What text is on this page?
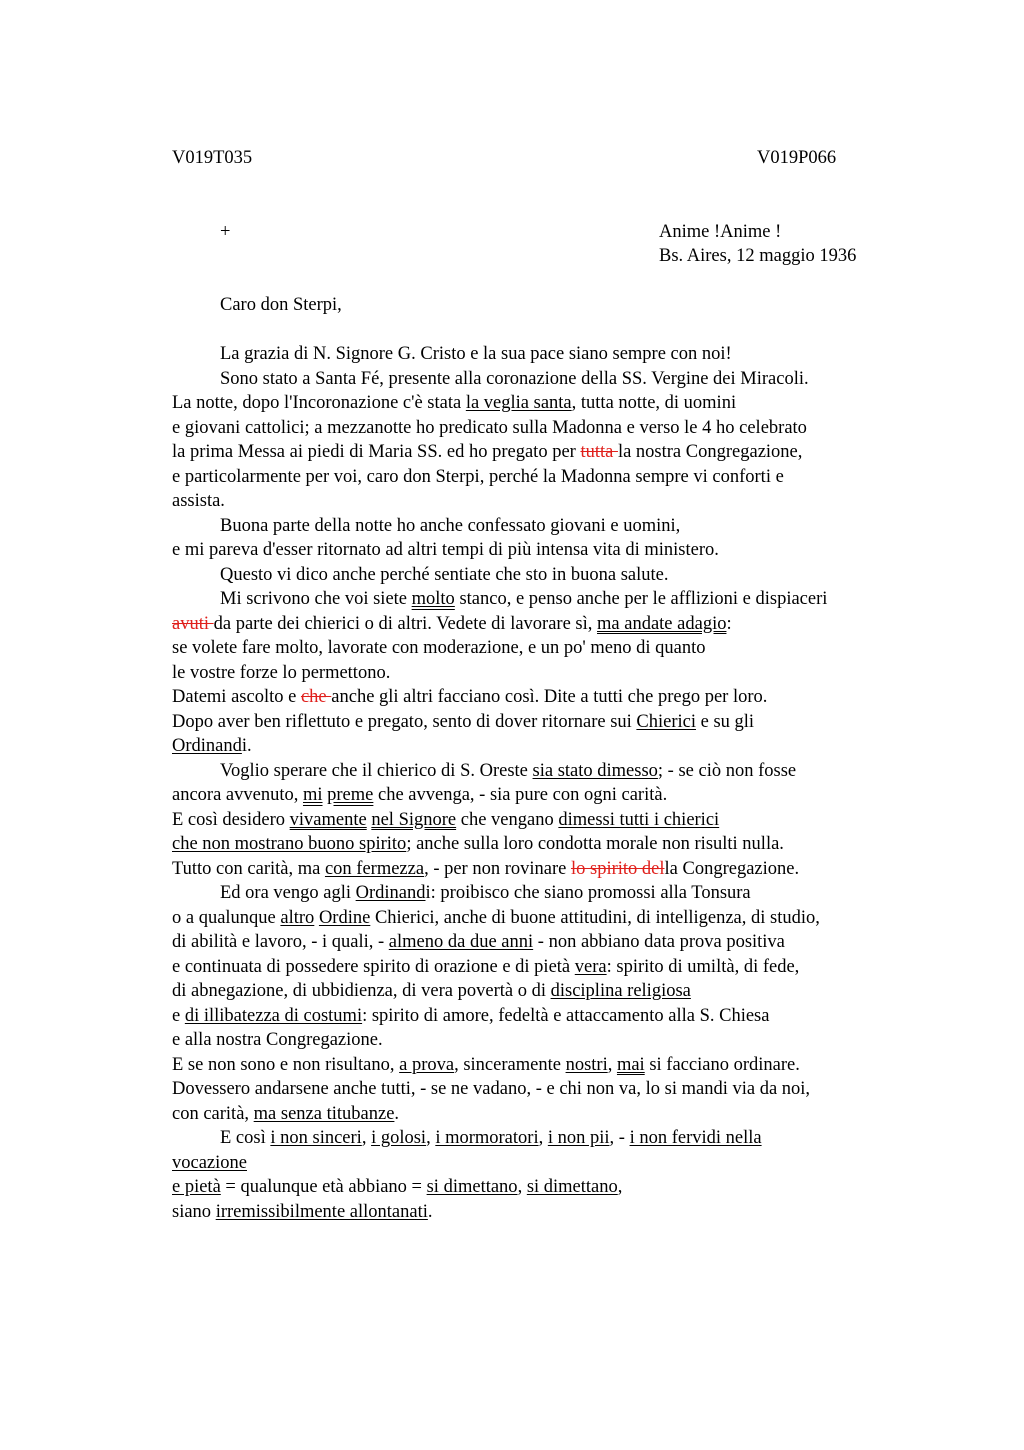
V019T035	V019P066
+	Anime !Anime !
Bs. Aires, 12 maggio 1936
Caro don Sterpi,
La grazia di N. Signore G. Cristo e la sua pace siano sempre con noi!
Sono stato a Santa Fé, presente alla coronazione della SS. Vergine dei Miracoli.
La notte, dopo l'Incoronazione c'è stata la veglia santa, tutta notte, di uomini
e giovani cattolici; a mezzanotte ho predicato sulla Madonna e verso le 4 ho celebrato
la prima Messa ai piedi di Maria SS. ed ho pregato per tutta la nostra Congregazione,
e particolarmente per voi, caro don Sterpi, perché la Madonna sempre vi conforti e
assista.
Buona parte della notte ho anche confessato giovani e uomini,
e mi pareva d'esser ritornato ad altri tempi di più intensa vita di ministero.
Questo vi dico anche perché sentiate che sto in buona salute.
Mi scrivono che voi siete molto stanco, e penso anche per le afflizioni e dispiaceri
avuti da parte dei chierici o di altri. Vedete di lavorare sì, ma andate adagio:
se volete fare molto, lavorate con moderazione, e un po' meno di quanto
le vostre forze lo permettono.
Datemi ascolto e che anche gli altri facciano così. Dite a tutti che prego per loro.
Dopo aver ben riflettuto e pregato, sento di dover ritornare sui Chierici e su gli
Ordinandi.
Voglio sperare che il chierico di S. Oreste sia stato dimesso; - se ciò non fosse
ancora avvenuto, mi preme che avvenga, - sia pure con ogni carità.
E così desidero vivamente nel Signore che vengano dimessi tutti i chierici
che non mostrano buono spirito; anche sulla loro condotta morale non risulti nulla.
Tutto con carità, ma con fermezza, - per non rovinare lo spirito della Congregazione.
Ed ora vengo agli Ordinandi: proibisco che siano promossi alla Tonsura
o a qualunque altro Ordine Chierici, anche di buone attitudini, di intelligenza, di studio,
di abilità e lavoro, - i quali, - almeno da due anni - non abbiano data prova positiva
e continuata di possedere spirito di orazione e di pietà vera: spirito di umiltà, di fede,
di abnegazione, di ubbidienza, di vera povertà o di disciplina religiosa
e di illibatezza di costumi: spirito di amore, fedeltà e attaccamento alla S. Chiesa
e alla nostra Congregazione.
E se non sono e non risultano, a prova, sinceramente nostri, mai si facciano ordinare.
Dovessero andarsene anche tutti, - se ne vadano, - e chi non va, lo si mandi via da noi,
con carità, ma senza titubanze.
E così i non sinceri, i golosi, i mormoratori, i non pii, - i non fervidi nella
vocazione
e pietà = qualunque età abbiano = si dimettano, si dimettano,
siano irremissibilmente allontanati.
